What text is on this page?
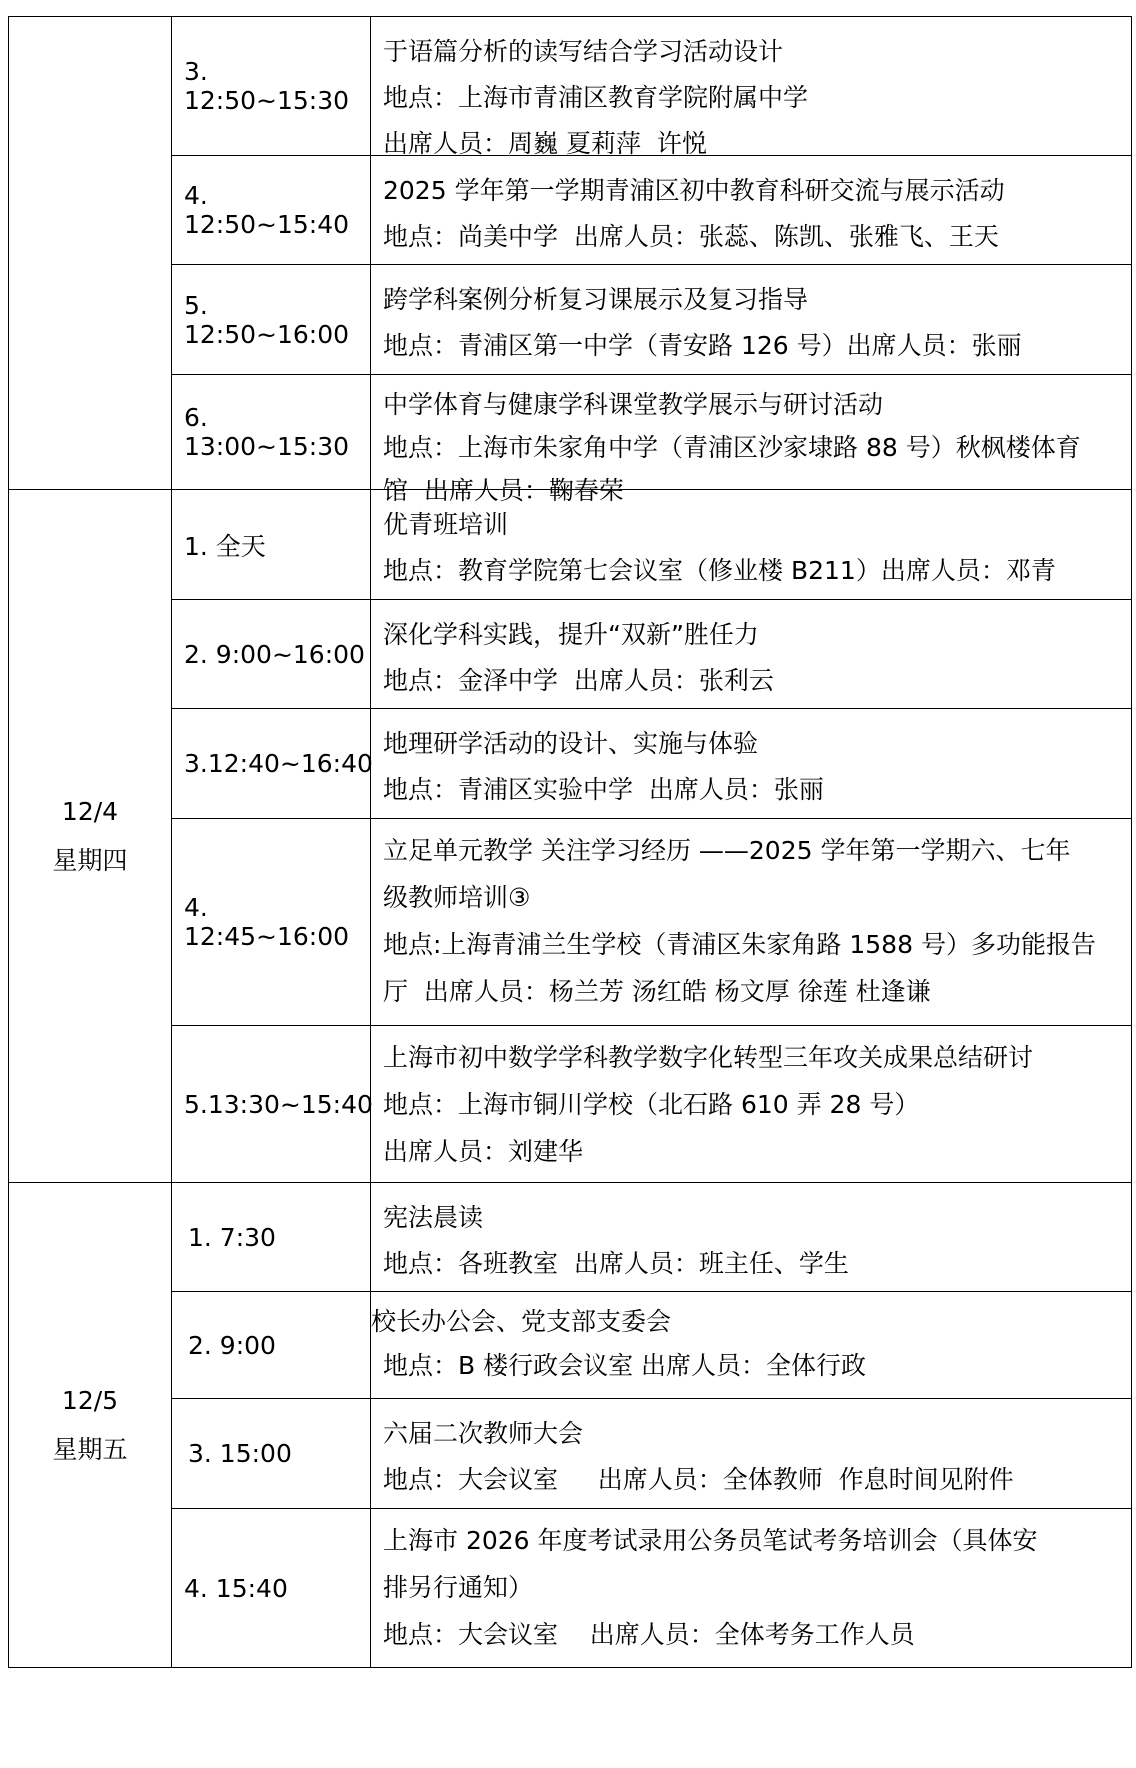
3. 12:50~15:30
于语篇分析的读写结合学习活动设计
地点：上海市青浦区教育学院附属中学
出席人员：周巍 夏莉萍  许悦
4. 12:50~15:40
2025 学年第一学期青浦区初中教育科研交流与展示活动
地点：尚美中学  出席人员：张蕊、陈凯、张雅飞、王天
5. 12:50~16:00
跨学科案例分析复习课展示及复习指导
地点：青浦区第一中学（青安路 126 号）出席人员：张丽
6. 13:00~15:30
中学体育与健康学科课堂教学展示与研讨活动
地点：上海市朱家角中学（青浦区沙家埭路 88 号）秋枫楼体育
馆  出席人员：鞠春荣
12/4
星期四
1. 全天
优青班培训
地点：教育学院第七会议室（修业楼 B211）出席人员：邓青
2. 9:00~16:00
深化学科实践，提升“双新”胜任力
地点：金泽中学  出席人员：张利云
3.12:40~16:40
地理研学活动的设计、实施与体验
地点：青浦区实验中学  出席人员：张丽
4. 12:45~16:00
立足单元教学 关注学习经历 ——2025 学年第一学期六、七年
级教师培训③
地点:上海青浦兰生学校（青浦区朱家角路 1588 号）多功能报告
厅  出席人员：杨兰芳 汤红皓 杨文厚 徐莲 杜逢谦
5.13:30~15:40
上海市初中数学学科教学数字化转型三年攻关成果总结研讨
地点：上海市铜川学校（北石路 610 弄 28 号）
出席人员：刘建华
12/5
星期五
1. 7:30
宪法晨读
地点：各班教室  出席人员：班主任、学生
2. 9:00
校长办公会、党支部支委会
地点：B 楼行政会议室 出席人员：全体行政
3. 15:00
六届二次教师大会
地点：大会议室     出席人员：全体教师  作息时间见附件
4. 15:40
上海市 2026 年度考试录用公务员笔试考务培训会（具体安
排另行通知）
地点：大会议室    出席人员：全体考务工作人员
